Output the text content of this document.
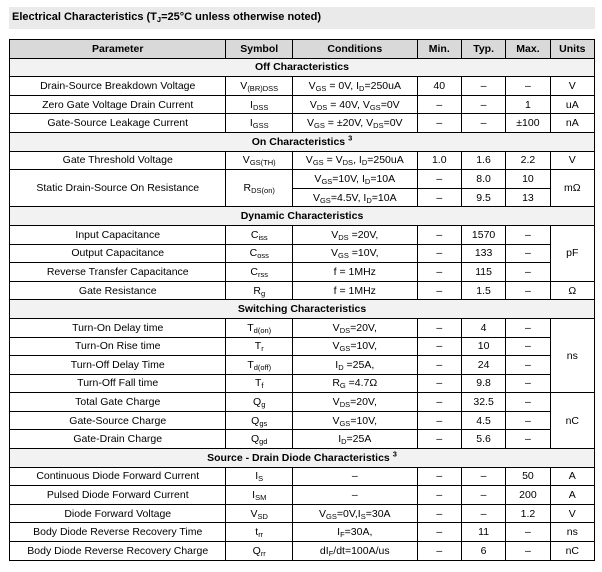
Electrical Characteristics ($T_J=25^\circ C$ unless otherwise noted)
Parameter	Symbol	Conditions	Min.	Typ.	Max.	Units
Off Characteristics						
Drain-Source Breakdown Voltage	$V_{(BR)DSS}$	$V_{GS} = 0V$, $I_D=250uA$	40	–	–	V
Zero Gate Voltage Drain Current	$I_{DSS}$	$V_{DS} = 40V$, $V_{GS}=0V$	–	–	1	uA
Gate-Source Leakage Current	$I_{GSS}$	$V_{GS} = \pm 20V$, $V_{DS}=0V$	–	–	±100	nA
On Characteristics $^3$
Gate Threshold Voltage	$V_{GS(TH)}$	$V_{GS} = V_{DS}$, $I_D=250uA$	1.0	1.6	2.2	V
Static Drain-Source On Resistance	$R_{DS(on)}$	$V_{GS}=10V$, $I_D=10A$	–	8.0	10	mΩ
		$V_{GS}=4.5V$, $I_D=10A$	–	9.5	13	
Dynamic Characteristics						
Input Capacitance	$C_{iss}$	$V_{DS} =20V$,	–	1570	–	pF
Output Capacitance	$C_{oss}$	$V_{GS} =10V$,	–	133	–	
Reverse Transfer Capacitance	$C_{rss}$	f = 1MHz	–	115	–	
Gate Resistance	$R_g$	f = 1MHz	–	1.5	–	Ω
Switching Characteristics						
Turn-On Delay time	$T_{d(on)}$	$V_{DS}=20V$,	–	4	–	ns
Turn-On Rise time	$T_r$	$V_{GS}=10V$,	–	10	–	
Turn-Off Delay Time	$T_{d(off)}$	$I_D =25A$,	–	24	–	
Turn-Off Fall time	$T_f$	$R_G =4.7\Omega$	–	9.8	–	
Total Gate Charge	$Q_g$	$V_{DS}=20V$,	–	32.5	–	nC
Gate-Source Charge	$Q_{gs}$	$V_{GS}=10V$,	–	4.5	–	
Gate-Drain Charge	$Q_{gd}$	$I_D=25A$	–	5.6	–	
Source - Drain Diode Characteristics $^3$
Continuous Diode Forward Current	$I_S$	–	–	–	50	A
Pulsed Diode Forward Current	$I_{SM}$	–	–	–	200	A
Diode Forward Voltage	$V_{SD}$	$V_{GS}=0V,I_S=30A$	–	–	1.2	V
Body Diode Reverse Recovery Time	$t_{rr}$	$I_F=30A$,	–	11	–	ns
Body Diode Reverse Recovery Charge	$Q_{rr}$	$dI_F/dt=100A/us$	–	6	–	nC
